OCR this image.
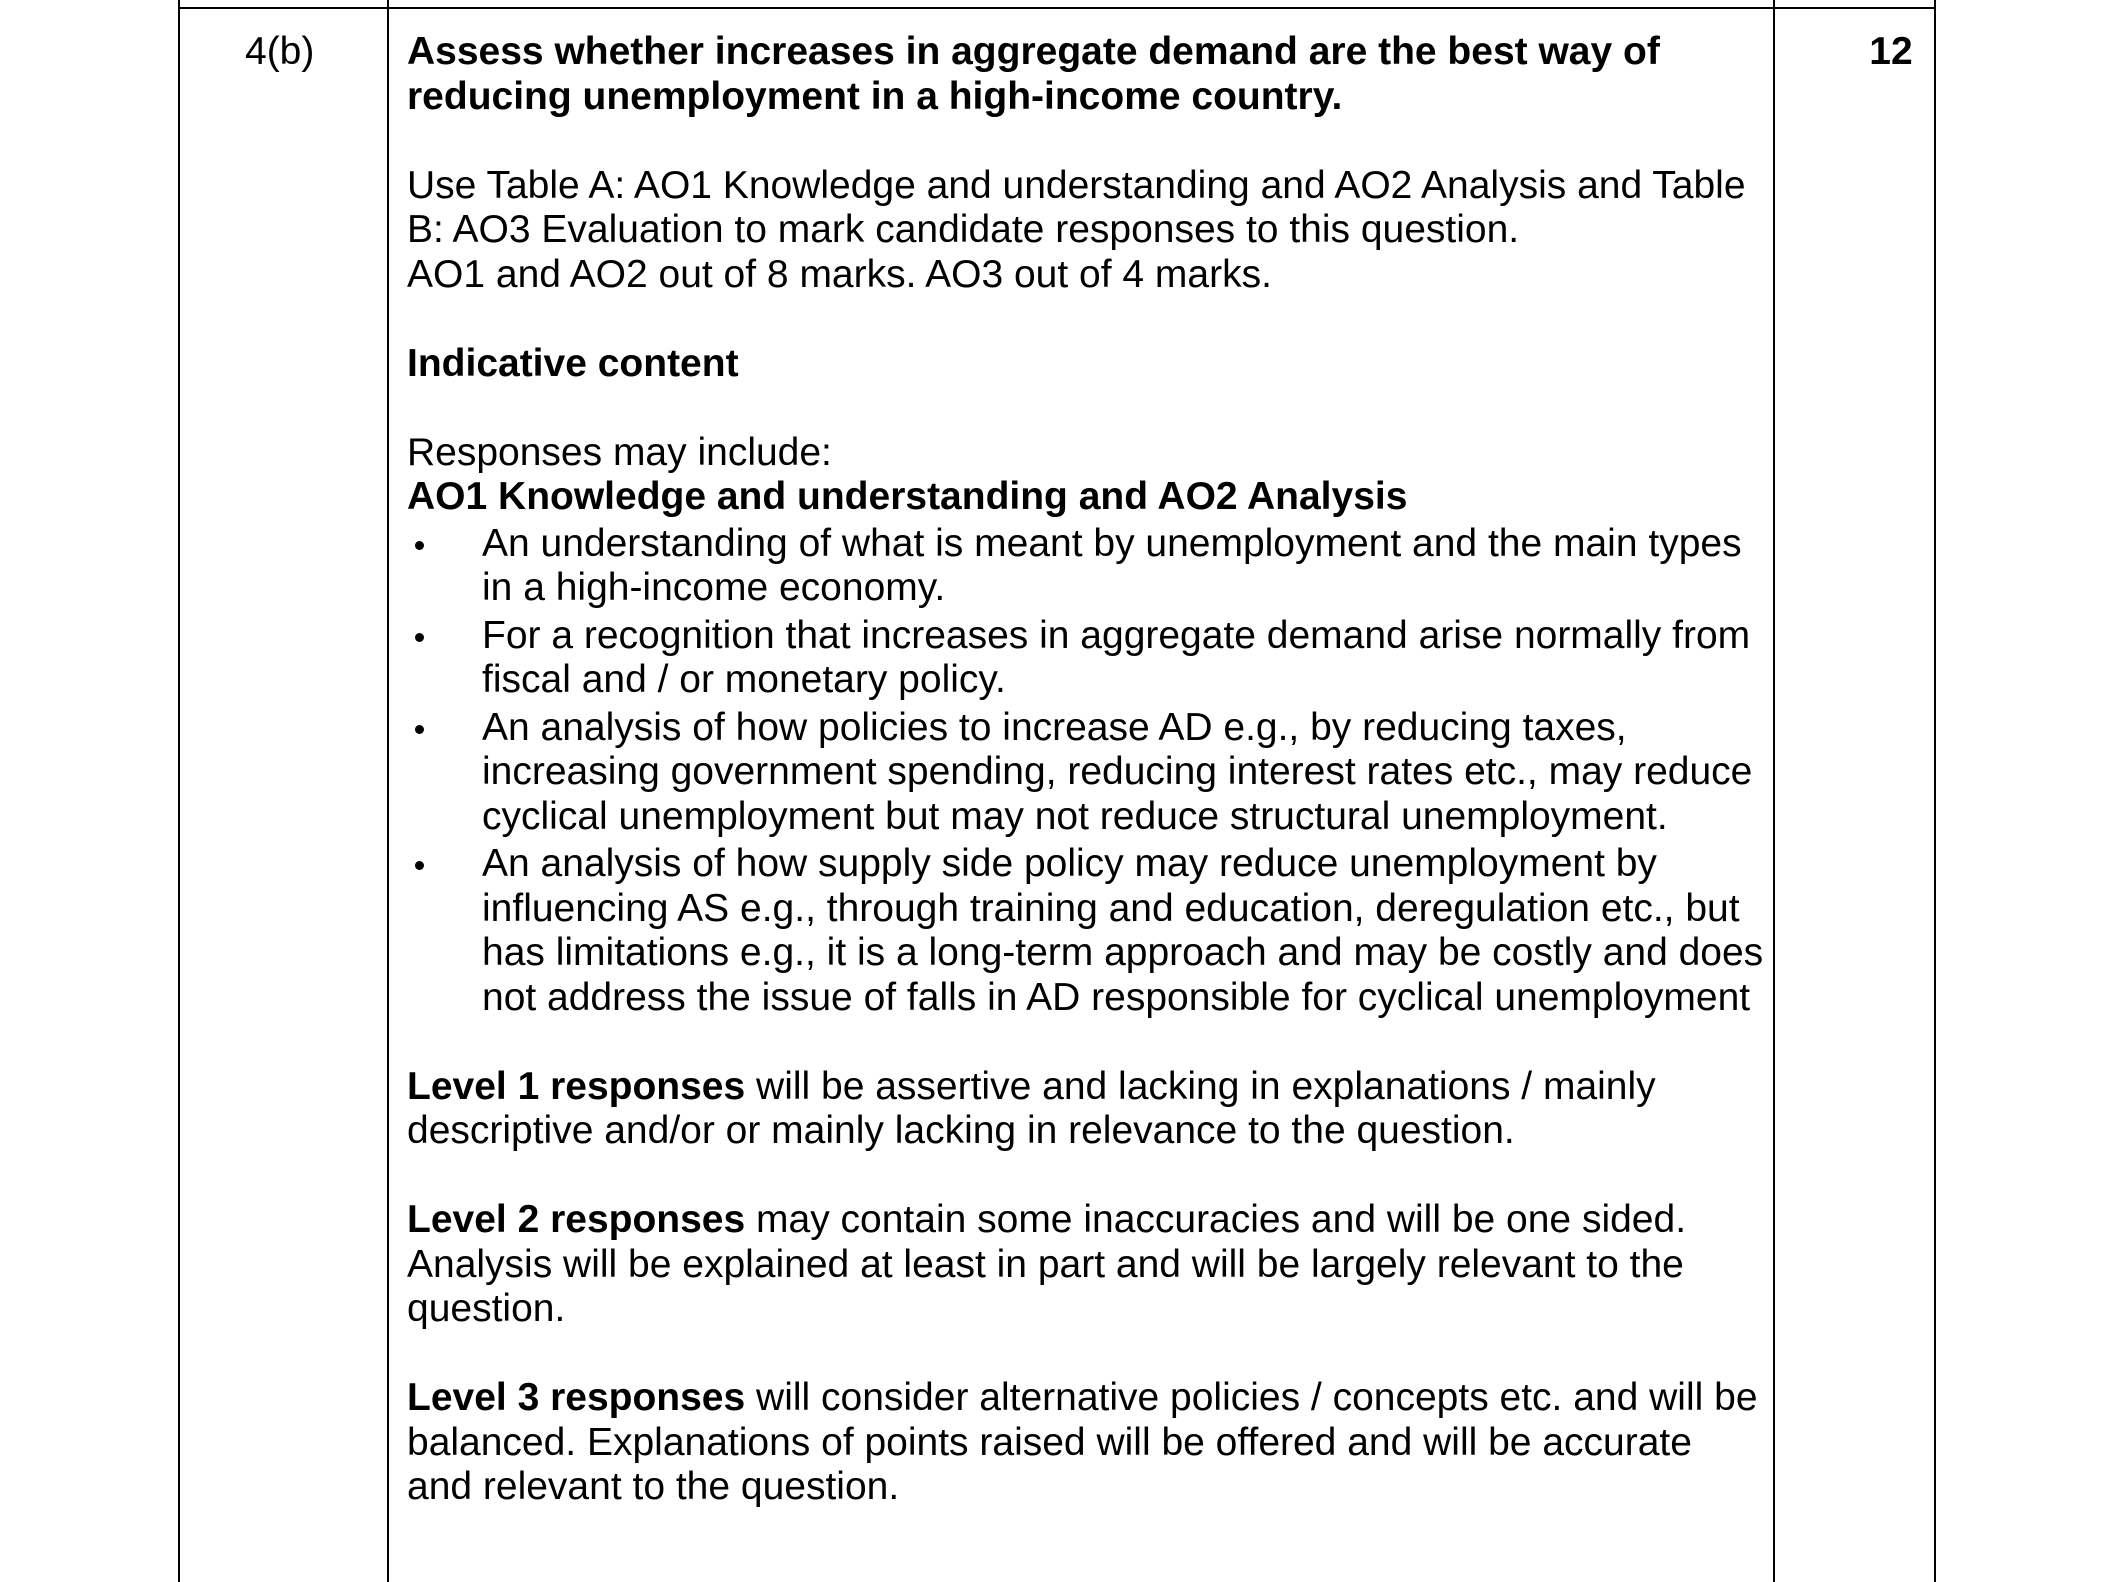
4(b)	12

Assess whether increases in aggregate demand are the best way of reducing unemployment in a high-income country.

Use Table A: AO1 Knowledge and understanding and AO2 Analysis and Table B: AO3 Evaluation to mark candidate responses to this question.

AO1 and AO2 out of 8 marks. AO3 out of 4 marks.

Indicative content

Responses may include:

AO1 Knowledge and understanding and AO2 Analysis

An understanding of what is meant by unemployment and the main types in a high-income economy.
For a recognition that increases in aggregate demand arise normally from fiscal and / or monetary policy.
An analysis of how policies to increase AD e.g., by reducing taxes, increasing government spending, reducing interest rates etc., may reduce cyclical unemployment but may not reduce structural unemployment.
An analysis of how supply side policy may reduce unemployment by influencing AS e.g., through training and education, deregulation etc., but has limitations e.g., it is a long-term approach and may be costly and does not address the issue of falls in AD responsible for cyclical unemployment

Level 1 responses will be assertive and lacking in explanations / mainly descriptive and/or or mainly lacking in relevance to the question.

Level 2 responses may contain some inaccuracies and will be one sided. Analysis will be explained at least in part and will be largely relevant to the question.

Level 3 responses will consider alternative policies / concepts etc. and will be balanced. Explanations of points raised will be offered and will be accurate and relevant to the question.
